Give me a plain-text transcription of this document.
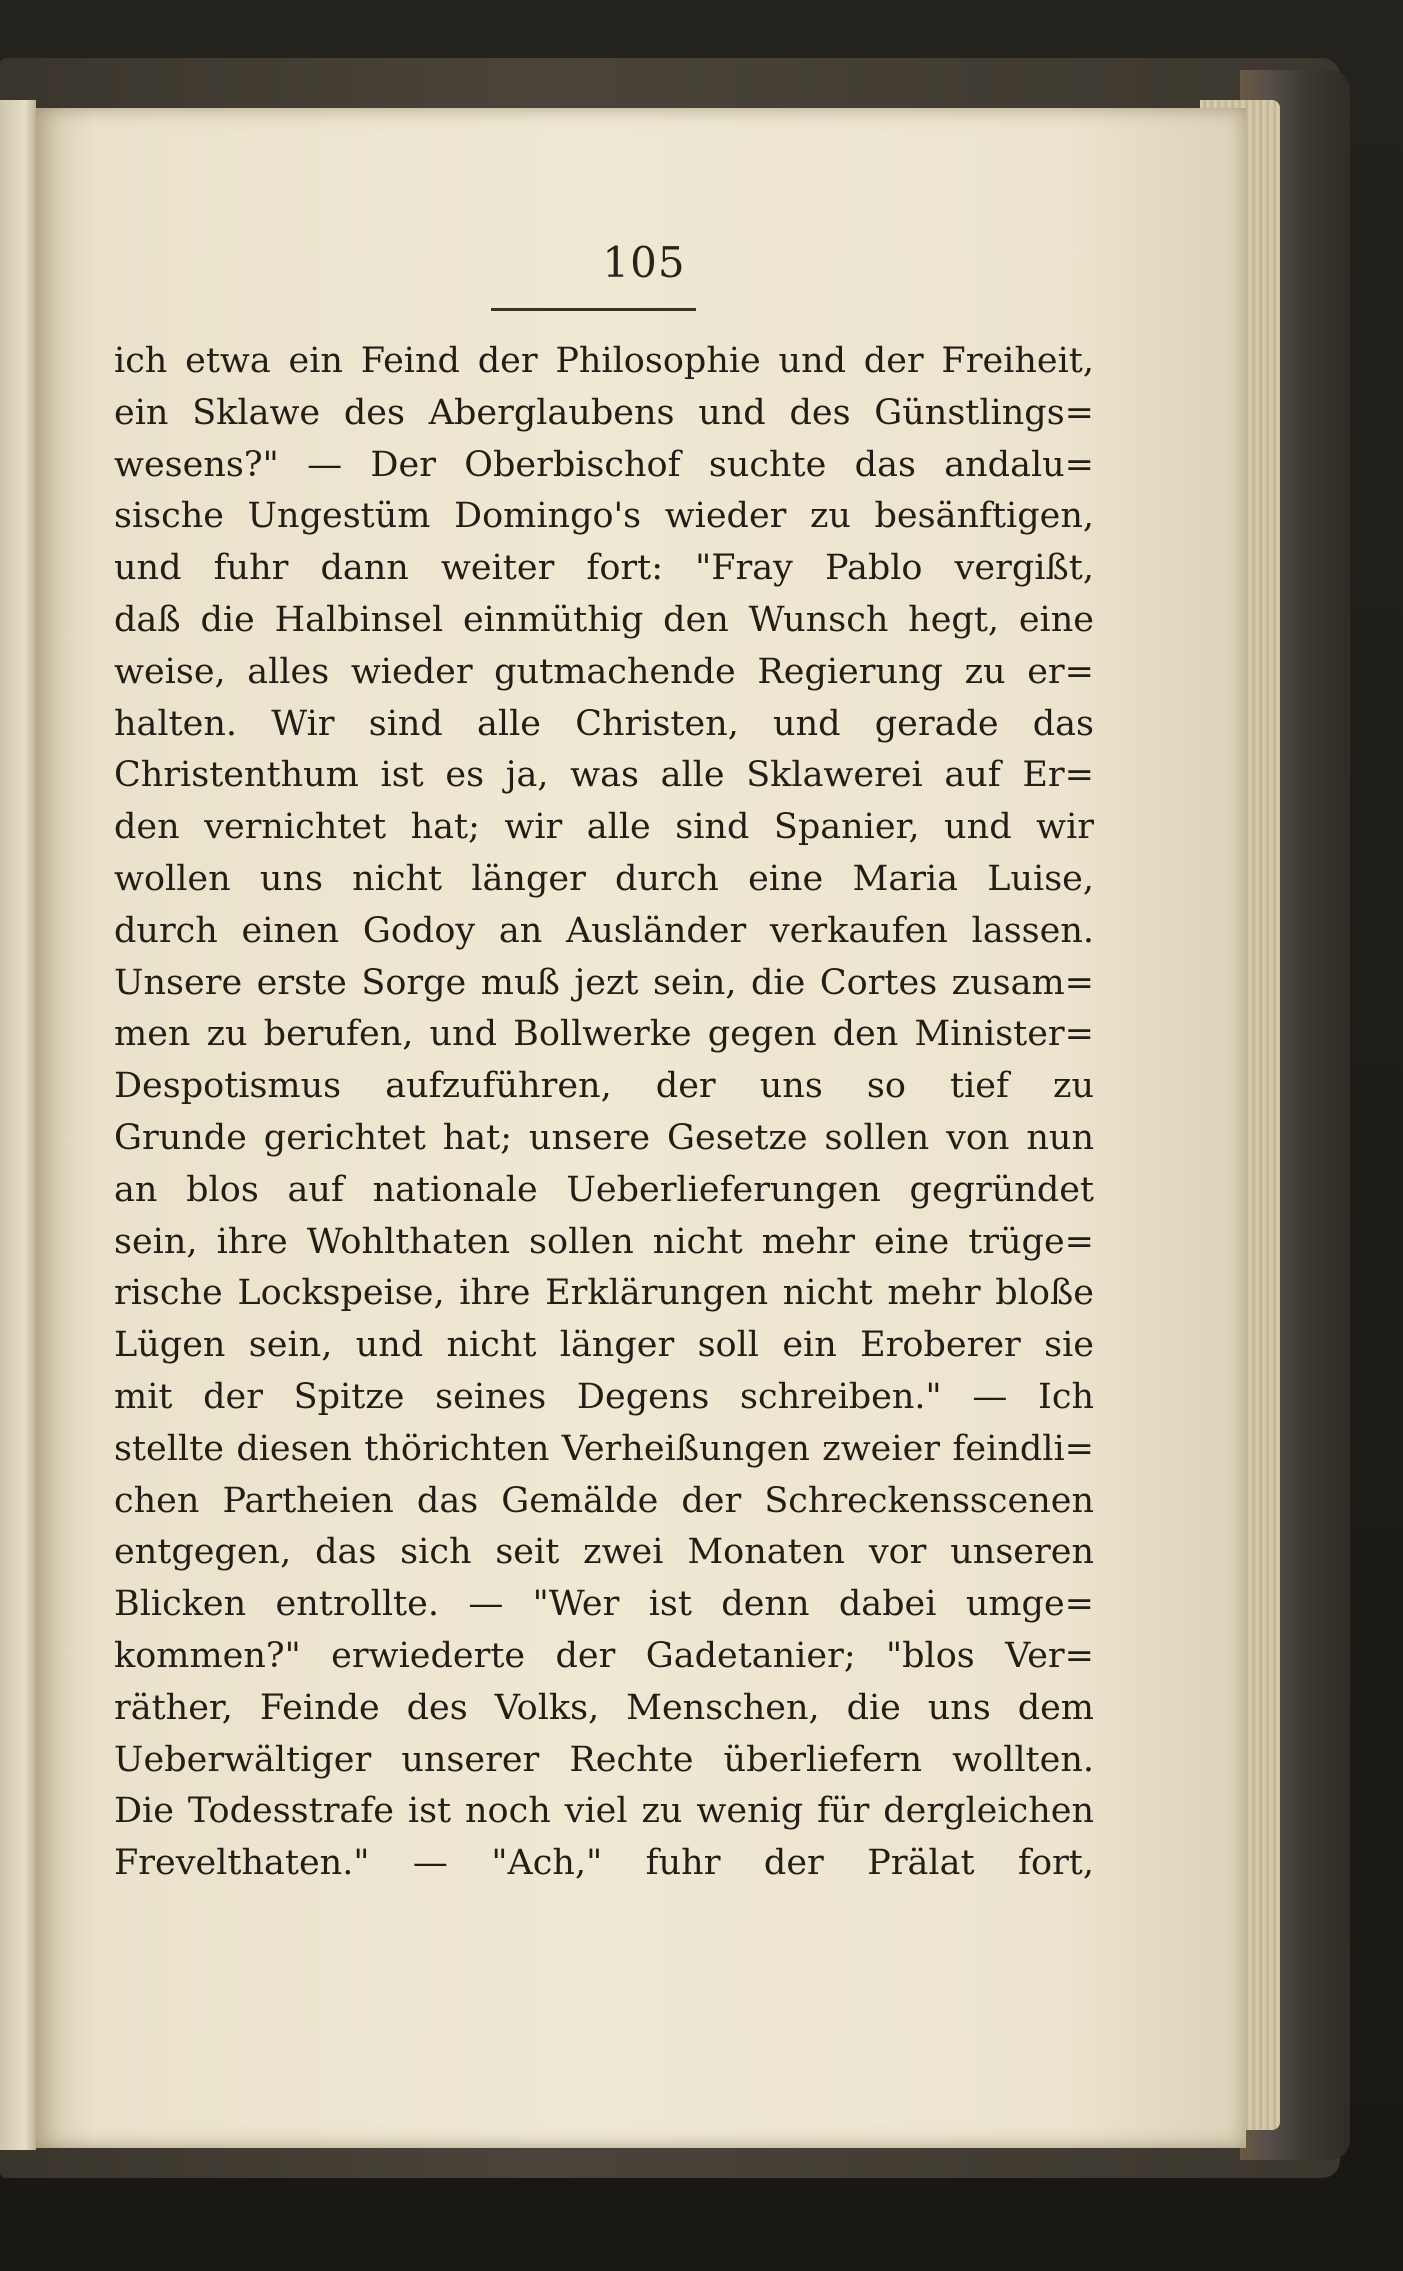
105
ich etwa ein Feind der Philosophie und der Freiheit,
ein Sklawe des Aberglaubens und des Günstlings=
wesens?" — Der Oberbischof suchte das andalu=
sische Ungestüm Domingo's wieder zu besänftigen,
und fuhr dann weiter fort: "Fray Pablo vergißt,
daß die Halbinsel einmüthig den Wunsch hegt, eine
weise, alles wieder gutmachende Regierung zu er=
halten. Wir sind alle Christen, und gerade das
Christenthum ist es ja, was alle Sklawerei auf Er=
den vernichtet hat; wir alle sind Spanier, und wir
wollen uns nicht länger durch eine Maria Luise,
durch einen Godoy an Ausländer verkaufen lassen.
Unsere erste Sorge muß jezt sein, die Cortes zusam=
men zu berufen, und Bollwerke gegen den Minister=
Despotismus aufzuführen, der uns so tief zu
Grunde gerichtet hat; unsere Gesetze sollen von nun
an blos auf nationale Ueberlieferungen gegründet
sein, ihre Wohlthaten sollen nicht mehr eine trüge=
rische Lockspeise, ihre Erklärungen nicht mehr bloße
Lügen sein, und nicht länger soll ein Eroberer sie
mit der Spitze seines Degens schreiben." — Ich
stellte diesen thörichten Verheißungen zweier feindli=
chen Partheien das Gemälde der Schreckensscenen
entgegen, das sich seit zwei Monaten vor unseren
Blicken entrollte. — "Wer ist denn dabei umge=
kommen?" erwiederte der Gadetanier; "blos Ver=
räther, Feinde des Volks, Menschen, die uns dem
Ueberwältiger unserer Rechte überliefern wollten.
Die Todesstrafe ist noch viel zu wenig für dergleichen
Frevelthaten." — "Ach," fuhr der Prälat fort,
